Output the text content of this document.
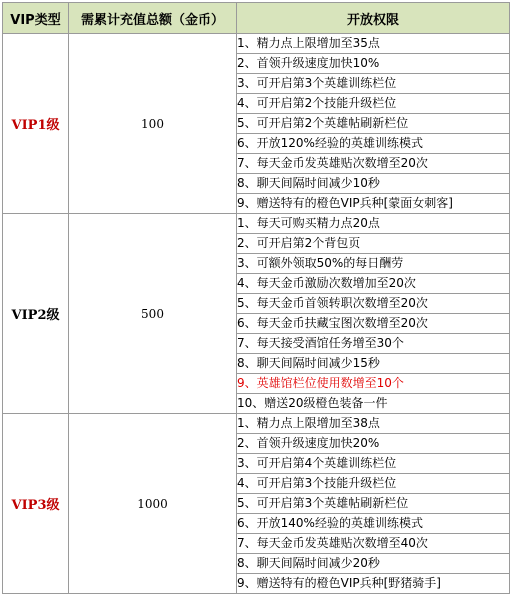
VIP类型	需累计充值总额（金币）	开放权限
VIP1级	100	1、精力点上限增加至35点
		2、首领升级速度加快10%
		3、可开启第3个英雄训练栏位
		4、可开启第2个技能升级栏位
		5、可开启第2个英雄帖刷新栏位
		6、开放120%经验的英雄训练模式
		7、每天金币发英雄贴次数增至20次
		8、聊天间隔时间减少10秒
		9、赠送特有的橙色VIP兵种[蒙面女刺客]
VIP2级	500	1、每天可购买精力点20点
		2、可开启第2个背包页
		3、可额外领取50%的每日酬劳
		4、每天金币激励次数增加至20次
		5、每天金币首领转职次数增至20次
		6、每天金币扶藏宝图次数增至20次
		7、每天接受酒馆任务增至30个
		8、聊天间隔时间减少15秒
		9、英雄馆栏位使用数增至10个
		10、赠送20级橙色装备一件
VIP3级	1000	1、精力点上限增加至38点
		2、首领升级速度加快20%
		3、可开启第4个英雄训练栏位
		4、可开启第3个技能升级栏位
		5、可开启第3个英雄帖刷新栏位
		6、开放140%经验的英雄训练模式
		7、每天金币发英雄贴次数增至40次
		8、聊天间隔时间减少20秒
		9、赠送特有的橙色VIP兵种[野猪骑手]
